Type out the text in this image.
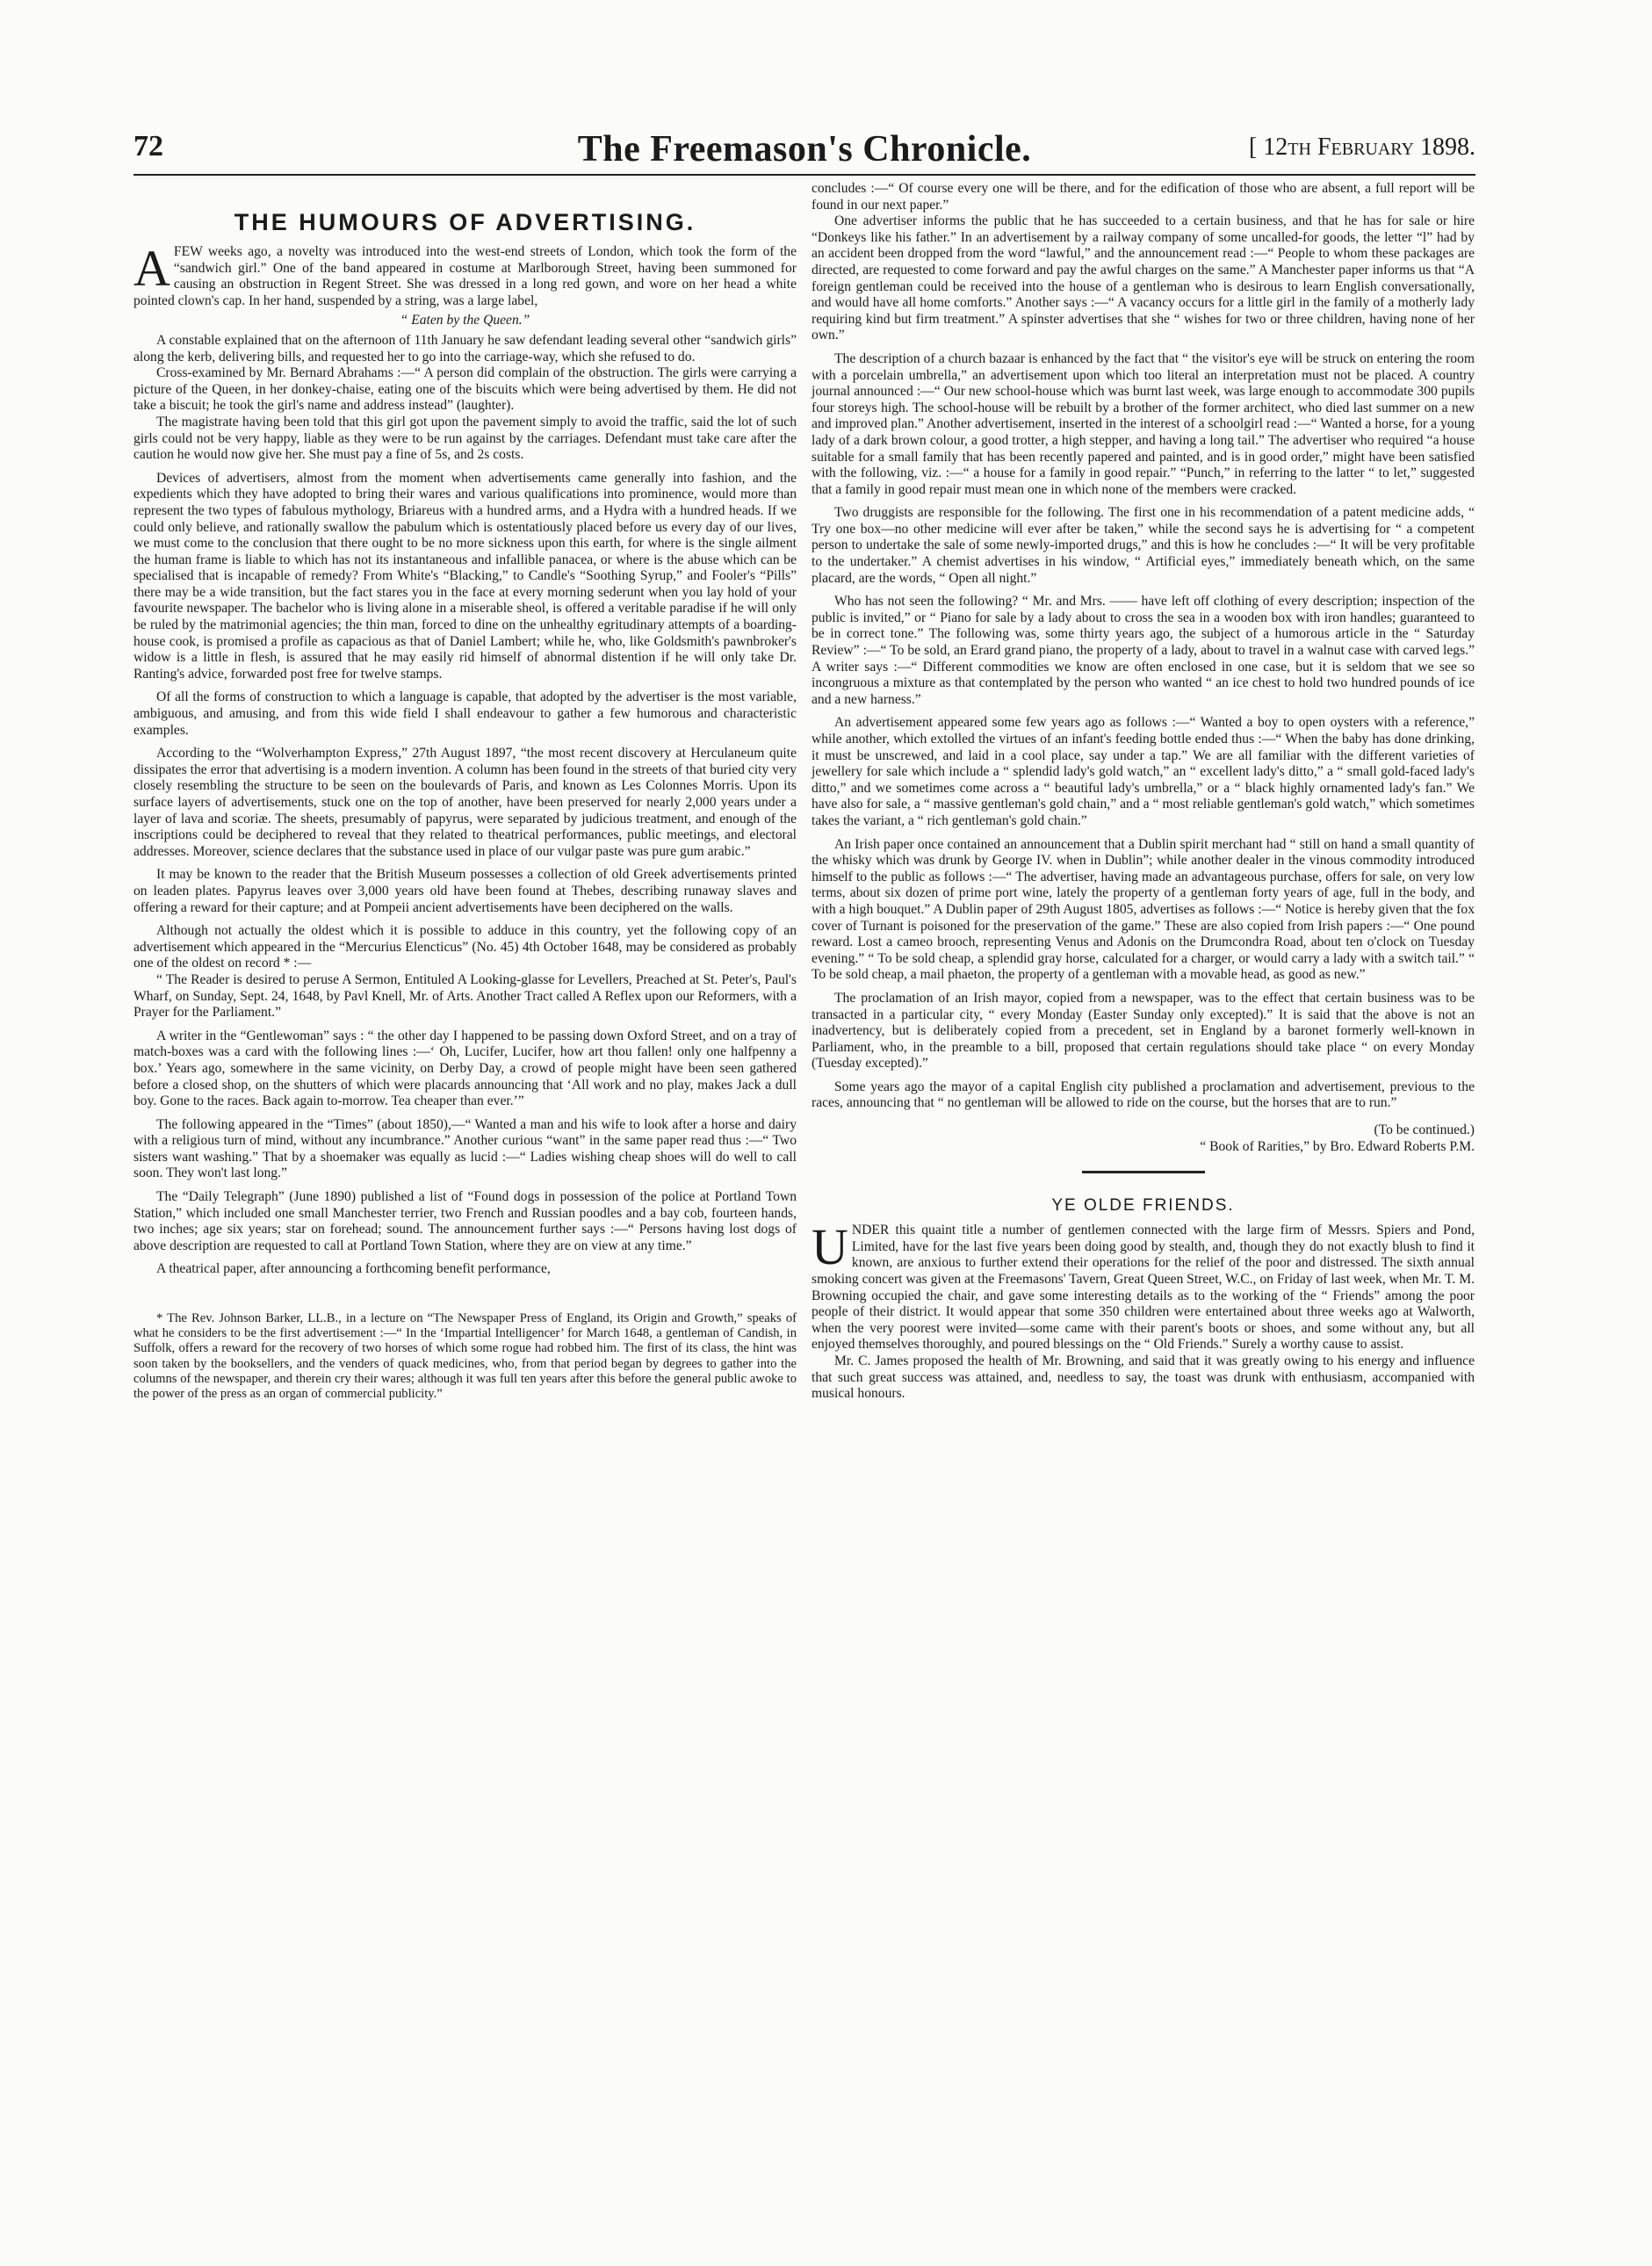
72	The Freemason's Chronicle.	[ 12th February 1898.
THE HUMOURS OF ADVERTISING.

AFEW weeks ago, a novelty was introduced into the west-end streets of London, which took the form of the “sandwich girl.” One of the band appeared in costume at Marlborough Street, having been summoned for causing an obstruction in Regent Street. She was dressed in a long red gown, and wore on her head a white pointed clown's cap. In her hand, suspended by a string, was a large label,

“ Eaten by the Queen.”

A constable explained that on the afternoon of 11th January he saw defendant leading several other “sandwich girls” along the kerb, delivering bills, and requested her to go into the carriage-way, which she refused to do.

Cross-examined by Mr. Bernard Abrahams :—“ A person did complain of the obstruction. The girls were carrying a picture of the Queen, in her donkey-chaise, eating one of the biscuits which were being advertised by them. He did not take a biscuit; he took the girl's name and address instead” (laughter).

The magistrate having been told that this girl got upon the pavement simply to avoid the traffic, said the lot of such girls could not be very happy, liable as they were to be run against by the carriages. Defendant must take care after the caution he would now give her. She must pay a fine of 5s, and 2s costs.

Devices of advertisers, almost from the moment when advertisements came generally into fashion, and the expedients which they have adopted to bring their wares and various qualifications into prominence, would more than represent the two types of fabulous mythology, Briareus with a hundred arms, and a Hydra with a hundred heads. If we could only believe, and rationally swallow the pabulum which is ostentatiously placed before us every day of our lives, we must come to the conclusion that there ought to be no more sickness upon this earth, for where is the single ailment the human frame is liable to which has not its instantaneous and infallible panacea, or where is the abuse which can be specialised that is incapable of remedy? From White's “Blacking,” to Candle's “Soothing Syrup,” and Fooler's “Pills” there may be a wide transition, but the fact stares you in the face at every morning sederunt when you lay hold of your favourite newspaper. The bachelor who is living alone in a miserable sheol, is offered a veritable paradise if he will only be ruled by the matrimonial agencies; the thin man, forced to dine on the unhealthy egritudinary attempts of a boarding-house cook, is promised a profile as capacious as that of Daniel Lambert; while he, who, like Goldsmith's pawnbroker's widow is a little in flesh, is assured that he may easily rid himself of abnormal distention if he will only take Dr. Ranting's advice, forwarded post free for twelve stamps.

Of all the forms of construction to which a language is capable, that adopted by the advertiser is the most variable, ambiguous, and amusing, and from this wide field I shall endeavour to gather a few humorous and characteristic examples.

According to the “Wolverhampton Express,” 27th August 1897, “the most recent discovery at Herculaneum quite dissipates the error that advertising is a modern invention. A column has been found in the streets of that buried city very closely resembling the structure to be seen on the boulevards of Paris, and known as Les Colonnes Morris. Upon its surface layers of advertisements, stuck one on the top of another, have been preserved for nearly 2,000 years under a layer of lava and scoriæ. The sheets, presumably of papyrus, were separated by judicious treatment, and enough of the inscriptions could be deciphered to reveal that they related to theatrical performances, public meetings, and electoral addresses. Moreover, science declares that the substance used in place of our vulgar paste was pure gum arabic.”

It may be known to the reader that the British Museum possesses a collection of old Greek advertisements printed on leaden plates. Papyrus leaves over 3,000 years old have been found at Thebes, describing runaway slaves and offering a reward for their capture; and at Pompeii ancient advertisements have been deciphered on the walls.

Although not actually the oldest which it is possible to adduce in this country, yet the following copy of an advertisement which appeared in the “Mercurius Elencticus” (No. 45) 4th October 1648, may be considered as probably one of the oldest on record * :—

“ The Reader is desired to peruse A Sermon, Entituled A Looking-glasse for Levellers, Preached at St. Peter's, Paul's Wharf, on Sunday, Sept. 24, 1648, by Pavl Knell, Mr. of Arts. Another Tract called A Reflex upon our Reformers, with a Prayer for the Parliament.”

A writer in the “Gentlewoman” says : “ the other day I happened to be passing down Oxford Street, and on a tray of match-boxes was a card with the following lines :—‘ Oh, Lucifer, Lucifer, how art thou fallen! only one halfpenny a box.’ Years ago, somewhere in the same vicinity, on Derby Day, a crowd of people might have been seen gathered before a closed shop, on the shutters of which were placards announcing that ‘All work and no play, makes Jack a dull boy. Gone to the races. Back again to-morrow. Tea cheaper than ever.’”

The following appeared in the “Times” (about 1850),—“ Wanted a man and his wife to look after a horse and dairy with a religious turn of mind, without any incumbrance.” Another curious “want” in the same paper read thus :—“ Two sisters want washing.” That by a shoemaker was equally as lucid :—“ Ladies wishing cheap shoes will do well to call soon. They won't last long.”

The “Daily Telegraph” (June 1890) published a list of “Found dogs in possession of the police at Portland Town Station,” which included one small Manchester terrier, two French and Russian poodles and a bay cob, fourteen hands, two inches; age six years; star on forehead; sound. The announcement further says :—“ Persons having lost dogs of above description are requested to call at Portland Town Station, where they are on view at any time.”

A theatrical paper, after announcing a forthcoming benefit performance,

* The Rev. Johnson Barker, LL.B., in a lecture on “The Newspaper Press of England, its Origin and Growth,” speaks of what he considers to be the first advertisement :—“ In the ‘Impartial Intelligencer’ for March 1648, a gentleman of Candish, in Suffolk, offers a reward for the recovery of two horses of which some rogue had robbed him. The first of its class, the hint was soon taken by the booksellers, and the venders of quack medicines, who, from that period began by degrees to gather into the columns of the newspaper, and therein cry their wares; although it was full ten years after this before the general public awoke to the power of the press as an organ of commercial publicity.”

concludes :—“ Of course every one will be there, and for the edification of those who are absent, a full report will be found in our next paper.”

One advertiser informs the public that he has succeeded to a certain business, and that he has for sale or hire “Donkeys like his father.” In an advertisement by a railway company of some uncalled-for goods, the letter “l” had by an accident been dropped from the word “lawful,” and the announcement read :—“ People to whom these packages are directed, are requested to come forward and pay the awful charges on the same.” A Manchester paper informs us that “A foreign gentleman could be received into the house of a gentleman who is desirous to learn English conversationally, and would have all home comforts.” Another says :—“ A vacancy occurs for a little girl in the family of a motherly lady requiring kind but firm treatment.” A spinster advertises that she “ wishes for two or three children, having none of her own.”

The description of a church bazaar is enhanced by the fact that “ the visitor's eye will be struck on entering the room with a porcelain umbrella,” an advertisement upon which too literal an interpretation must not be placed. A country journal announced :—“ Our new school-house which was burnt last week, was large enough to accommodate 300 pupils four storeys high. The school-house will be rebuilt by a brother of the former architect, who died last summer on a new and improved plan.” Another advertisement, inserted in the interest of a schoolgirl read :—“ Wanted a horse, for a young lady of a dark brown colour, a good trotter, a high stepper, and having a long tail.” The advertiser who required “a house suitable for a small family that has been recently papered and painted, and is in good order,” might have been satisfied with the following, viz. :—“ a house for a family in good repair.” “Punch,” in referring to the latter “ to let,” suggested that a family in good repair must mean one in which none of the members were cracked.

Two druggists are responsible for the following. The first one in his recommendation of a patent medicine adds, “ Try one box—no other medicine will ever after be taken,” while the second says he is advertising for “ a competent person to undertake the sale of some newly-imported drugs,” and this is how he concludes :—“ It will be very profitable to the undertaker.” A chemist advertises in his window, “ Artificial eyes,” immediately beneath which, on the same placard, are the words, “ Open all night.”

Who has not seen the following? “ Mr. and Mrs. —— have left off clothing of every description; inspection of the public is invited,” or “ Piano for sale by a lady about to cross the sea in a wooden box with iron handles; guaranteed to be in correct tone.” The following was, some thirty years ago, the subject of a humorous article in the “ Saturday Review” :—“ To be sold, an Erard grand piano, the property of a lady, about to travel in a walnut case with carved legs.” A writer says :—“ Different commodities we know are often enclosed in one case, but it is seldom that we see so incongruous a mixture as that contemplated by the person who wanted “ an ice chest to hold two hundred pounds of ice and a new harness.”

An advertisement appeared some few years ago as follows :—“ Wanted a boy to open oysters with a reference,” while another, which extolled the virtues of an infant's feeding bottle ended thus :—“ When the baby has done drinking, it must be unscrewed, and laid in a cool place, say under a tap.” We are all familiar with the different varieties of jewellery for sale which include a “ splendid lady's gold watch,” an “ excellent lady's ditto,” a “ small gold-faced lady's ditto,” and we sometimes come across a “ beautiful lady's umbrella,” or a “ black highly ornamented lady's fan.” We have also for sale, a “ massive gentleman's gold chain,” and a “ most reliable gentleman's gold watch,” which sometimes takes the variant, a “ rich gentleman's gold chain.”

An Irish paper once contained an announcement that a Dublin spirit merchant had “ still on hand a small quantity of the whisky which was drunk by George IV. when in Dublin”; while another dealer in the vinous commodity introduced himself to the public as follows :—“ The advertiser, having made an advantageous purchase, offers for sale, on very low terms, about six dozen of prime port wine, lately the property of a gentleman forty years of age, full in the body, and with a high bouquet.” A Dublin paper of 29th August 1805, advertises as follows :—“ Notice is hereby given that the fox cover of Turnant is poisoned for the preservation of the game.” These are also copied from Irish papers :—“ One pound reward. Lost a cameo brooch, representing Venus and Adonis on the Drumcondra Road, about ten o'clock on Tuesday evening.” “ To be sold cheap, a splendid gray horse, calculated for a charger, or would carry a lady with a switch tail.” “ To be sold cheap, a mail phaeton, the property of a gentleman with a movable head, as good as new.”

The proclamation of an Irish mayor, copied from a newspaper, was to the effect that certain business was to be transacted in a particular city, “ every Monday (Easter Sunday only excepted).” It is said that the above is not an inadvertency, but is deliberately copied from a precedent, set in England by a baronet formerly well-known in Parliament, who, in the preamble to a bill, proposed that certain regulations should take place “ on every Monday (Tuesday excepted).”

Some years ago the mayor of a capital English city published a proclamation and advertisement, previous to the races, announcing that “ no gentleman will be allowed to ride on the course, but the horses that are to run.”

(To be continued.)

“ Book of Rarities,” by Bro. Edward Roberts P.M.

YE OLDE FRIENDS.

UNDER this quaint title a number of gentlemen connected with the large firm of Messrs. Spiers and Pond, Limited, have for the last five years been doing good by stealth, and, though they do not exactly blush to find it known, are anxious to further extend their operations for the relief of the poor and distressed. The sixth annual smoking concert was given at the Freemasons' Tavern, Great Queen Street, W.C., on Friday of last week, when Mr. T. M. Browning occupied the chair, and gave some interesting details as to the working of the “ Friends” among the poor people of their district. It would appear that some 350 children were entertained about three weeks ago at Walworth, when the very poorest were invited—some came with their parent's boots or shoes, and some without any, but all enjoyed themselves thoroughly, and poured blessings on the “ Old Friends.” Surely a worthy cause to assist.

Mr. C. James proposed the health of Mr. Browning, and said that it was greatly owing to his energy and influence that such great success was attained, and, needless to say, the toast was drunk with enthusiasm, accompanied with musical honours.
